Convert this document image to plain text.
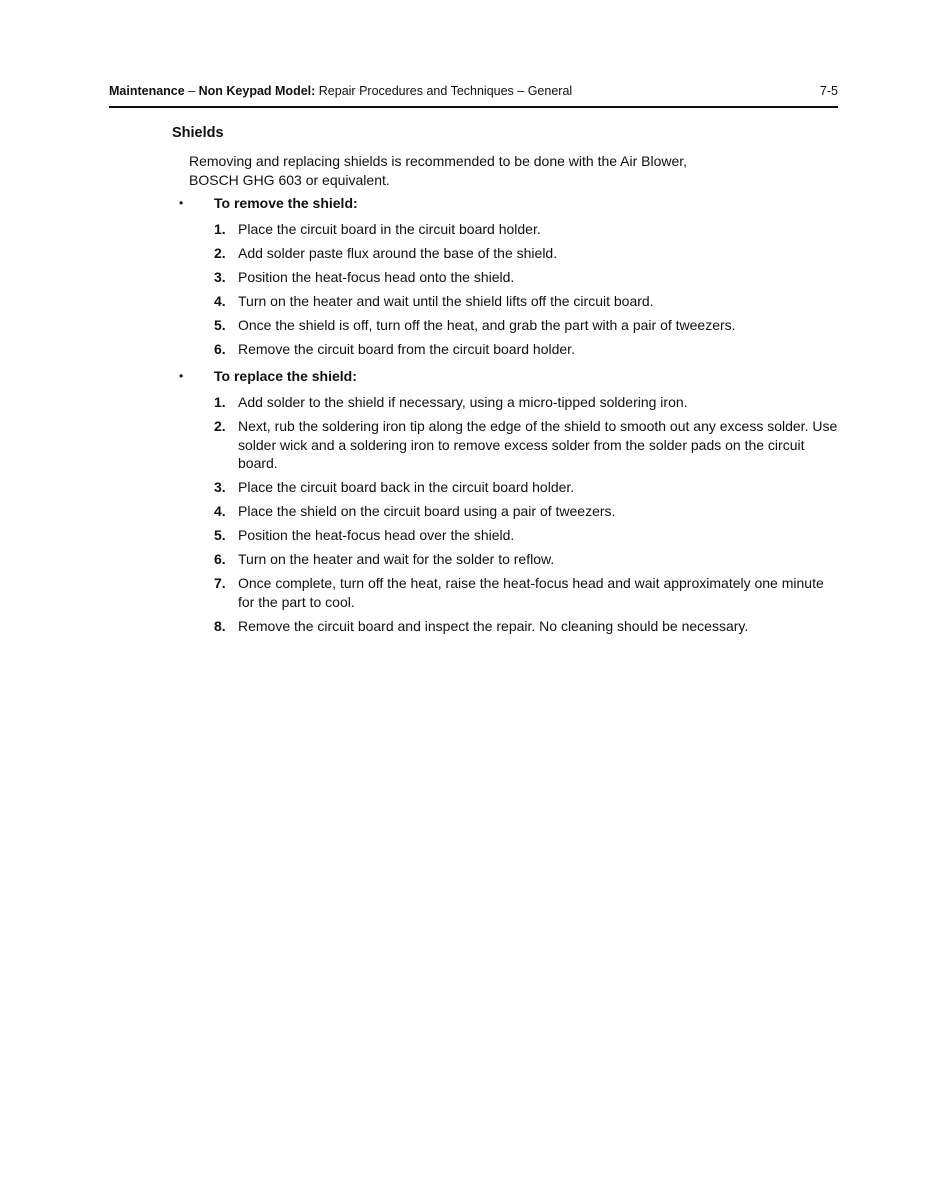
Maintenance – Non Keypad Model: Repair Procedures and Techniques – General	7-5
Shields

Removing and replacing shields is recommended to be done with the Air Blower,
BOSCH GHG 603 or equivalent.

• To remove the shield:
1. Place the circuit board in the circuit board holder.
2. Add solder paste flux around the base of the shield.
3. Position the heat-focus head onto the shield.
4. Turn on the heater and wait until the shield lifts off the circuit board.
5. Once the shield is off, turn off the heat, and grab the part with a pair of tweezers.
6. Remove the circuit board from the circuit board holder.
• To replace the shield:
1. Add solder to the shield if necessary, using a micro-tipped soldering iron.
2. Next, rub the soldering iron tip along the edge of the shield to smooth out any excess solder. Use solder wick and a soldering iron to remove excess solder from the solder pads on the circuit board.
3. Place the circuit board back in the circuit board holder.
4. Place the shield on the circuit board using a pair of tweezers.
5. Position the heat-focus head over the shield.
6. Turn on the heater and wait for the solder to reflow.
7. Once complete, turn off the heat, raise the heat-focus head and wait approximately one minute for the part to cool.
8. Remove the circuit board and inspect the repair. No cleaning should be necessary.
